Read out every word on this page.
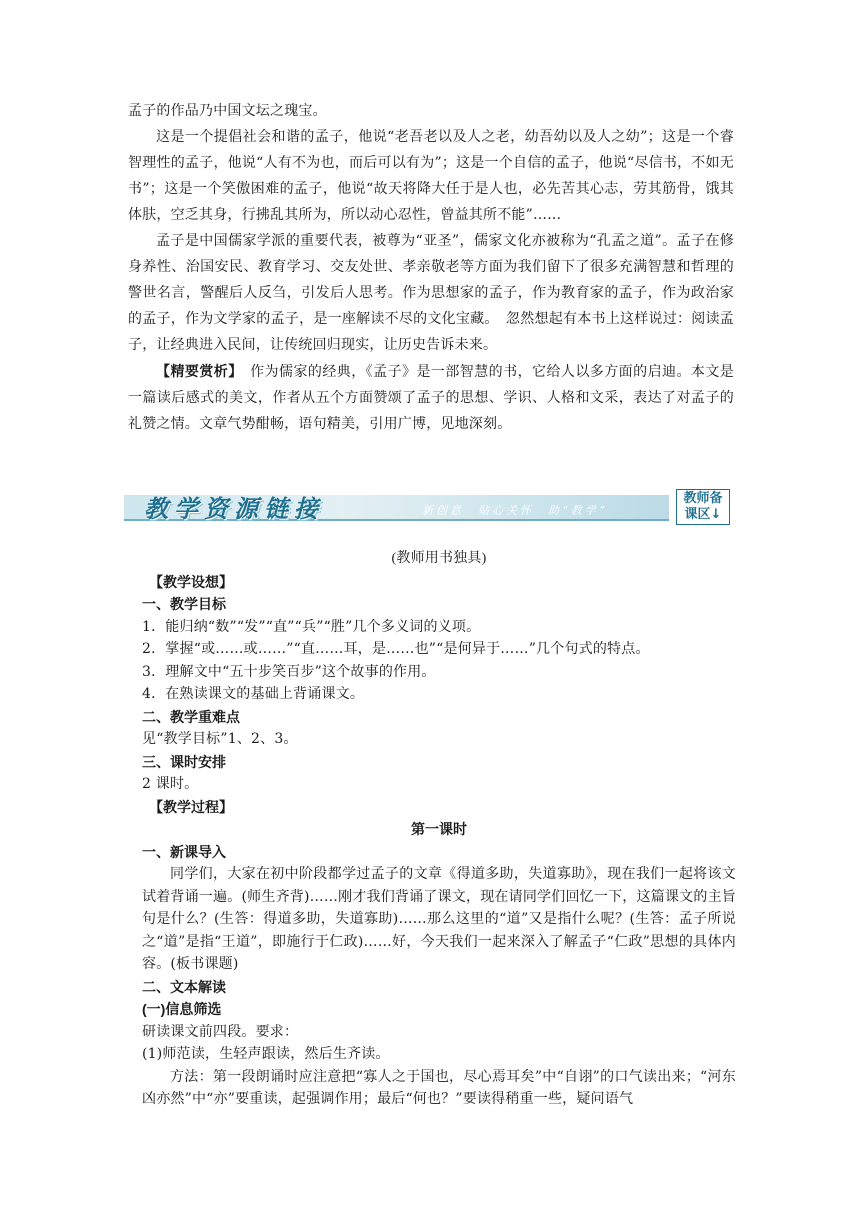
孟子的作品乃中国文坛之瑰宝。

这是一个提倡社会和谐的孟子，他说“老吾老以及人之老，幼吾幼以及人之幼”；这是一个睿智理性的孟子，他说“人有不为也，而后可以有为”；这是一个自信的孟子，他说“尽信书，不如无书”；这是一个笑傲困难的孟子，他说“故天将降大任于是人也，必先苦其心志，劳其筋骨，饿其体肤，空乏其身，行拂乱其所为，所以动心忍性，曾益其所不能”……

孟子是中国儒家学派的重要代表，被尊为“亚圣”，儒家文化亦被称为“孔孟之道”。孟子在修身养性、治国安民、教育学习、交友处世、孝亲敬老等方面为我们留下了很多充满智慧和哲理的警世名言，警醒后人反刍，引发后人思考。作为思想家的孟子，作为教育家的孟子，作为政治家的孟子，作为文学家的孟子，是一座解读不尽的文化宝藏。　忽然想起有本书上这样说过：阅读孟子，让经典进入民间，让传统回归现实，让历史告诉未来。

【精要赏析】　作为儒家的经典，《孟子》是一部智慧的书，它给人以多方面的启迪。本文是一篇读后感式的美文，作者从五个方面赞颂了孟子的思想、学识、人格和文采，表达了对孟子的礼赞之情。文章气势酣畅，语句精美，引用广博，见地深刻。

教学资源链接	新创意　贴心关怀　助“教学”
教师备
课区↓

(教师用书独具)

【教学设想】

一、教学目标

1．能归纳“数”“发”“直”“兵”“胜”几个多义词的义项。

2．掌握“或……或……”“直……耳，是……也”“是何异于……”几个句式的特点。

3．理解文中“五十步笑百步”这个故事的作用。

4．在熟读课文的基础上背诵课文。

二、教学重难点

见“教学目标”1、2、3。

三、课时安排

2 课时。

【教学过程】

第一课时

一、新课导入

同学们，大家在初中阶段都学过孟子的文章《得道多助，失道寡助》，现在我们一起将该文试着背诵一遍。(师生齐背)……刚才我们背诵了课文，现在请同学们回忆一下，这篇课文的主旨句是什么？(生答：得道多助，失道寡助)……那么这里的“道”又是指什么呢？(生答：孟子所说之“道”是指“王道”，即施行于仁政)……好，今天我们一起来深入了解孟子“仁政”思想的具体内容。(板书课题)

二、文本解读

(一)信息筛选

研读课文前四段。要求：

(1)师范读，生轻声跟读，然后生齐读。

方法：第一段朗诵时应注意把“寡人之于国也，尽心焉耳矣”中“自诩”的口气读出来；“河东凶亦然”中“亦”要重读，起强调作用；最后“何也？”要读得稍重一些，疑问语气
